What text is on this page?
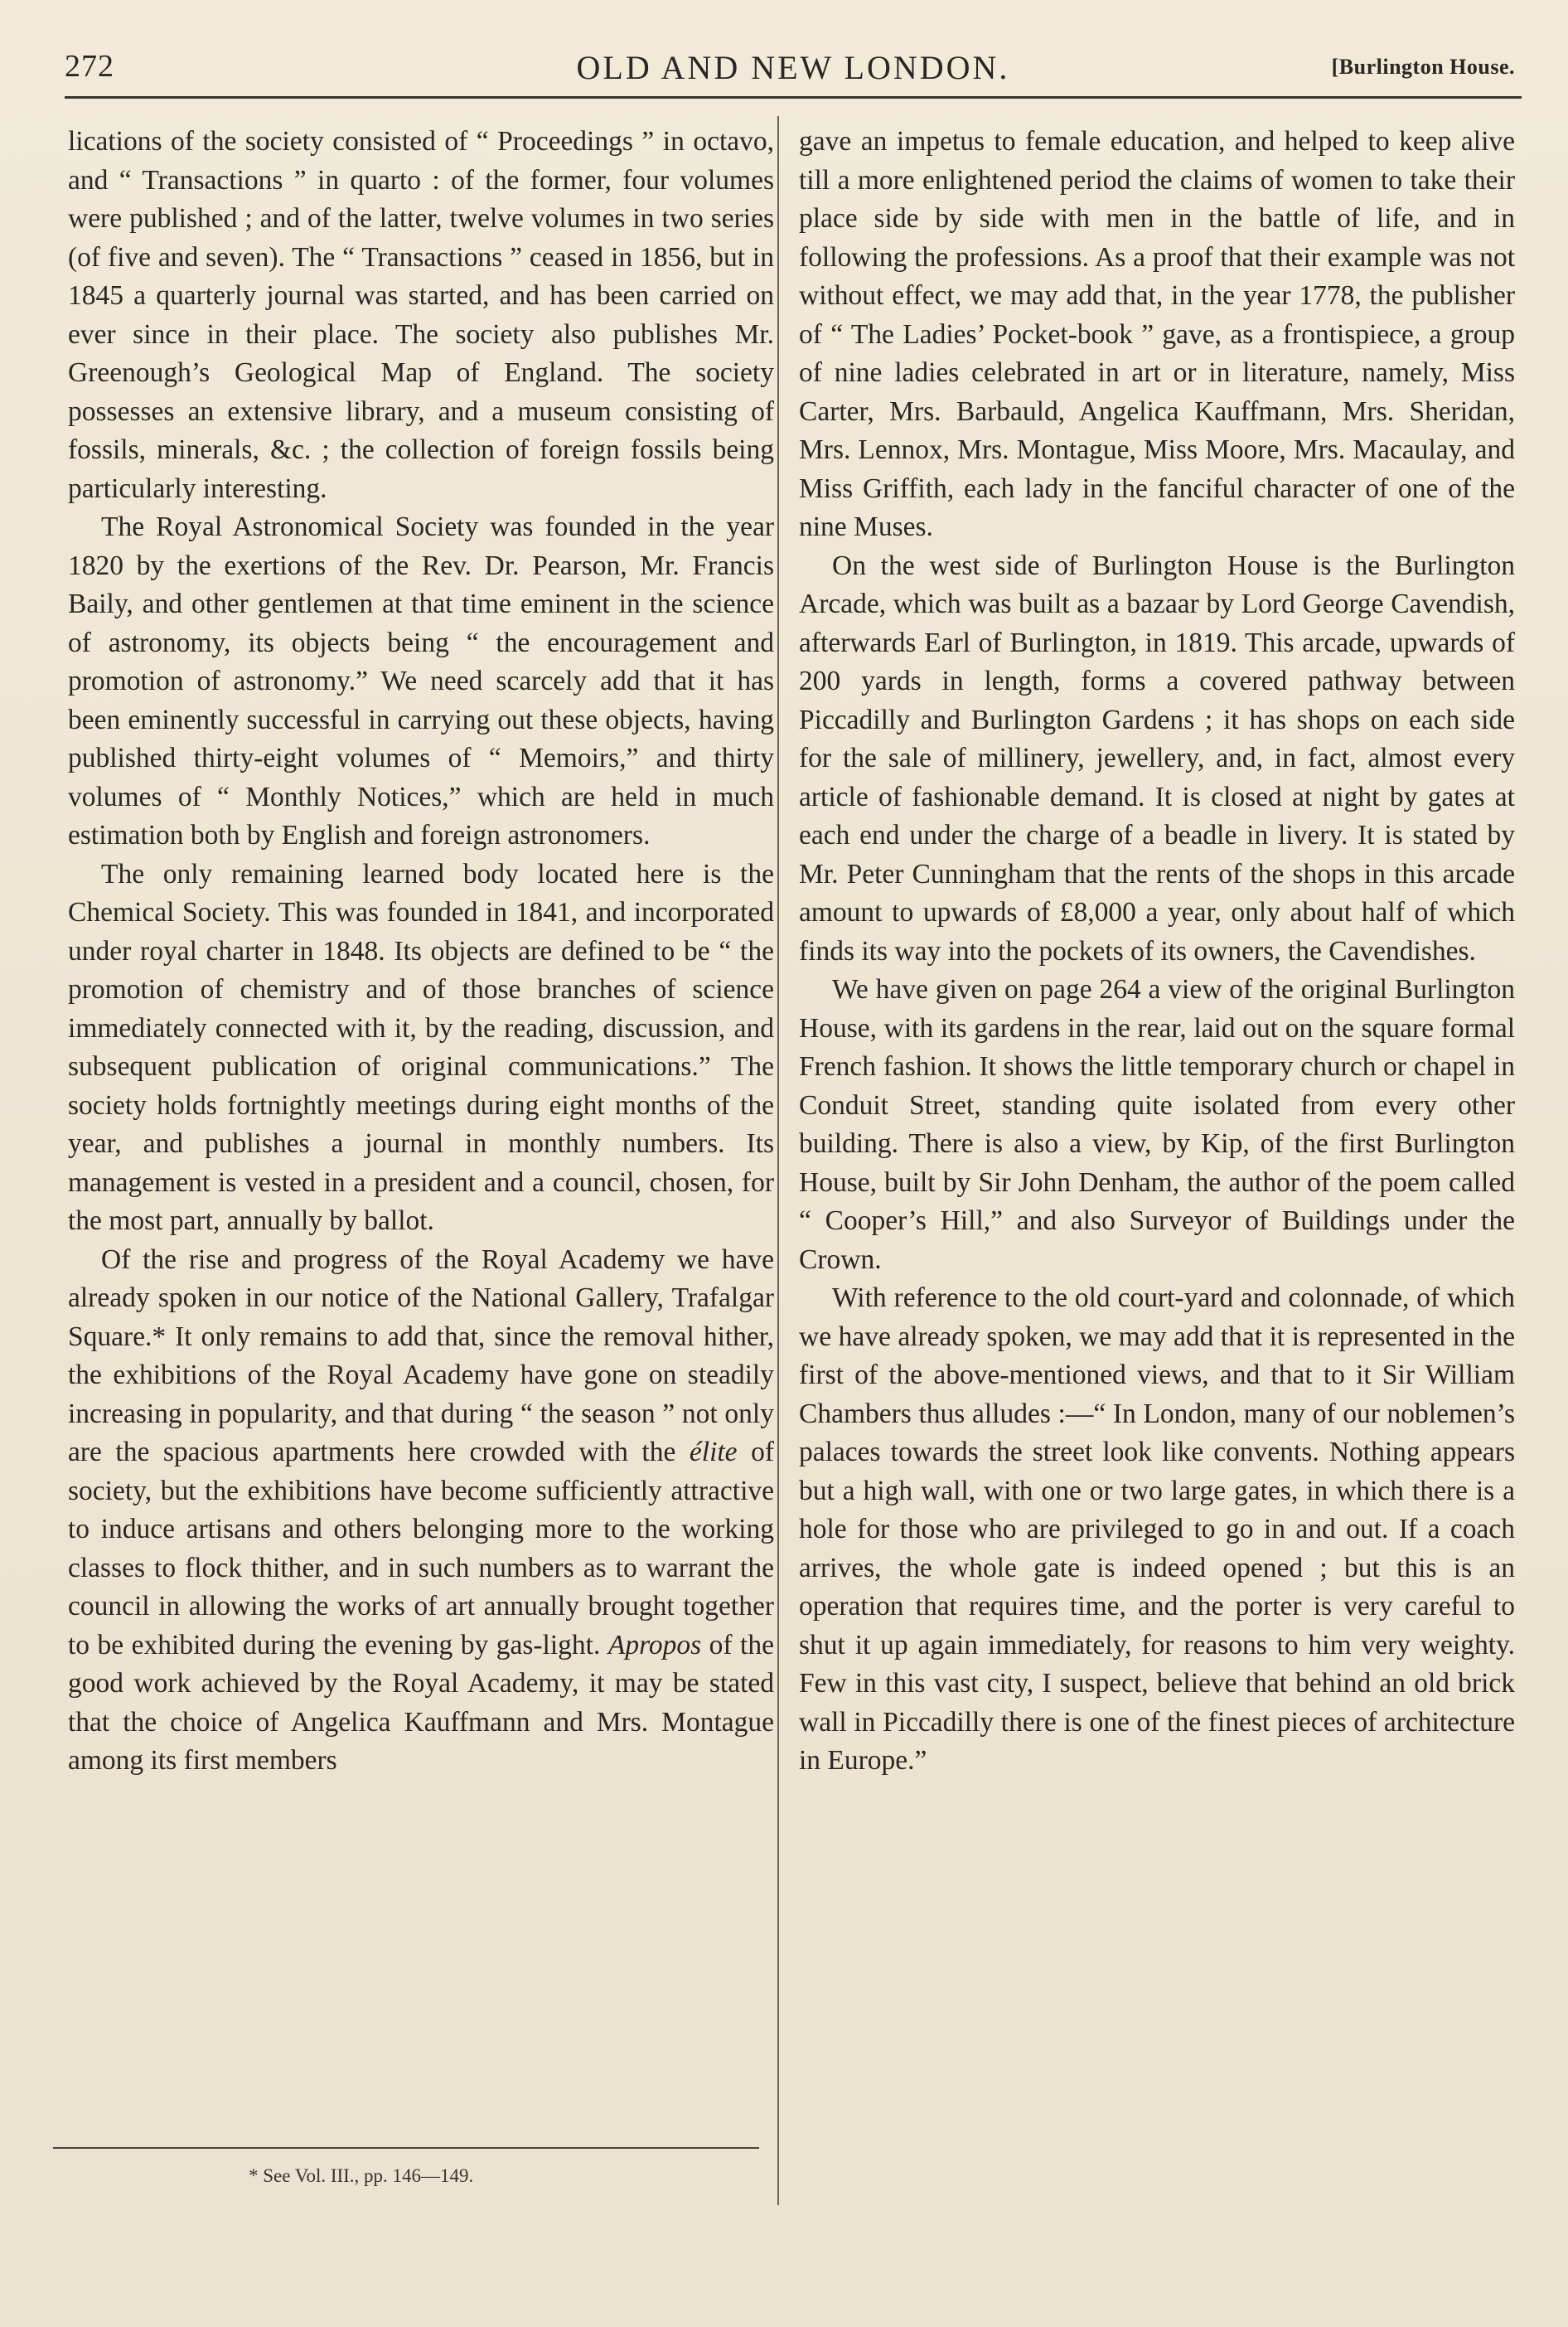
272	OLD AND NEW LONDON.	[Burlington House.

lications of the society consisted of “ Proceedings ” in octavo, and “ Transactions ” in quarto : of the former, four volumes were published ; and of the latter, twelve volumes in two series (of five and seven). The “ Transactions ” ceased in 1856, but in 1845 a quarterly journal was started, and has been carried on ever since in their place. The society also publishes Mr. Greenough’s Geological Map of England. The society possesses an extensive library, and a museum consisting of fossils, minerals, &c. ; the collection of foreign fossils being particularly interesting.

The Royal Astronomical Society was founded in the year 1820 by the exertions of the Rev. Dr. Pearson, Mr. Francis Baily, and other gentlemen at that time eminent in the science of astronomy, its objects being “ the encouragement and promotion of astronomy.” We need scarcely add that it has been eminently successful in carrying out these objects, having published thirty-eight volumes of “ Memoirs,” and thirty volumes of “ Monthly Notices,” which are held in much estimation both by English and foreign astronomers.

The only remaining learned body located here is the Chemical Society. This was founded in 1841, and incorporated under royal charter in 1848. Its objects are defined to be “ the promotion of chemistry and of those branches of science immediately connected with it, by the reading, discussion, and subsequent publication of original communications.” The society holds fortnightly meetings during eight months of the year, and publishes a journal in monthly numbers. Its management is vested in a president and a council, chosen, for the most part, annually by ballot.

Of the rise and progress of the Royal Academy we have already spoken in our notice of the National Gallery, Trafalgar Square.* It only remains to add that, since the removal hither, the exhibitions of the Royal Academy have gone on steadily increasing in popularity, and that during “ the season ” not only are the spacious apartments here crowded with the élite of society, but the exhibitions have become sufficiently attractive to induce artisans and others belonging more to the working classes to flock thither, and in such numbers as to warrant the council in allowing the works of art annually brought together to be exhibited during the evening by gas-light. Apropos of the good work achieved by the Royal Academy, it may be stated that the choice of Angelica Kauffmann and Mrs. Montague among its first members

gave an impetus to female education, and helped to keep alive till a more enlightened period the claims of women to take their place side by side with men in the battle of life, and in following the professions. As a proof that their example was not without effect, we may add that, in the year 1778, the publisher of “ The Ladies’ Pocket-book ” gave, as a frontispiece, a group of nine ladies celebrated in art or in literature, namely, Miss Carter, Mrs. Barbauld, Angelica Kauffmann, Mrs. Sheridan, Mrs. Lennox, Mrs. Montague, Miss Moore, Mrs. Macaulay, and Miss Griffith, each lady in the fanciful character of one of the nine Muses.

On the west side of Burlington House is the Burlington Arcade, which was built as a bazaar by Lord George Cavendish, afterwards Earl of Burlington, in 1819. This arcade, upwards of 200 yards in length, forms a covered pathway between Piccadilly and Burlington Gardens ; it has shops on each side for the sale of millinery, jewellery, and, in fact, almost every article of fashionable demand. It is closed at night by gates at each end under the charge of a beadle in livery. It is stated by Mr. Peter Cunningham that the rents of the shops in this arcade amount to upwards of £8,000 a year, only about half of which finds its way into the pockets of its owners, the Cavendishes.

We have given on page 264 a view of the original Burlington House, with its gardens in the rear, laid out on the square formal French fashion. It shows the little temporary church or chapel in Conduit Street, standing quite isolated from every other building. There is also a view, by Kip, of the first Burlington House, built by Sir John Denham, the author of the poem called “ Cooper’s Hill,” and also Surveyor of Buildings under the Crown.

With reference to the old court-yard and colonnade, of which we have already spoken, we may add that it is represented in the first of the above-mentioned views, and that to it Sir William Chambers thus alludes :—“ In London, many of our noblemen’s palaces towards the street look like convents. Nothing appears but a high wall, with one or two large gates, in which there is a hole for those who are privileged to go in and out. If a coach arrives, the whole gate is indeed opened ; but this is an operation that requires time, and the porter is very careful to shut it up again immediately, for reasons to him very weighty. Few in this vast city, I suspect, believe that behind an old brick wall in Piccadilly there is one of the finest pieces of architecture in Europe.”

* See Vol. III., pp. 146—149.
